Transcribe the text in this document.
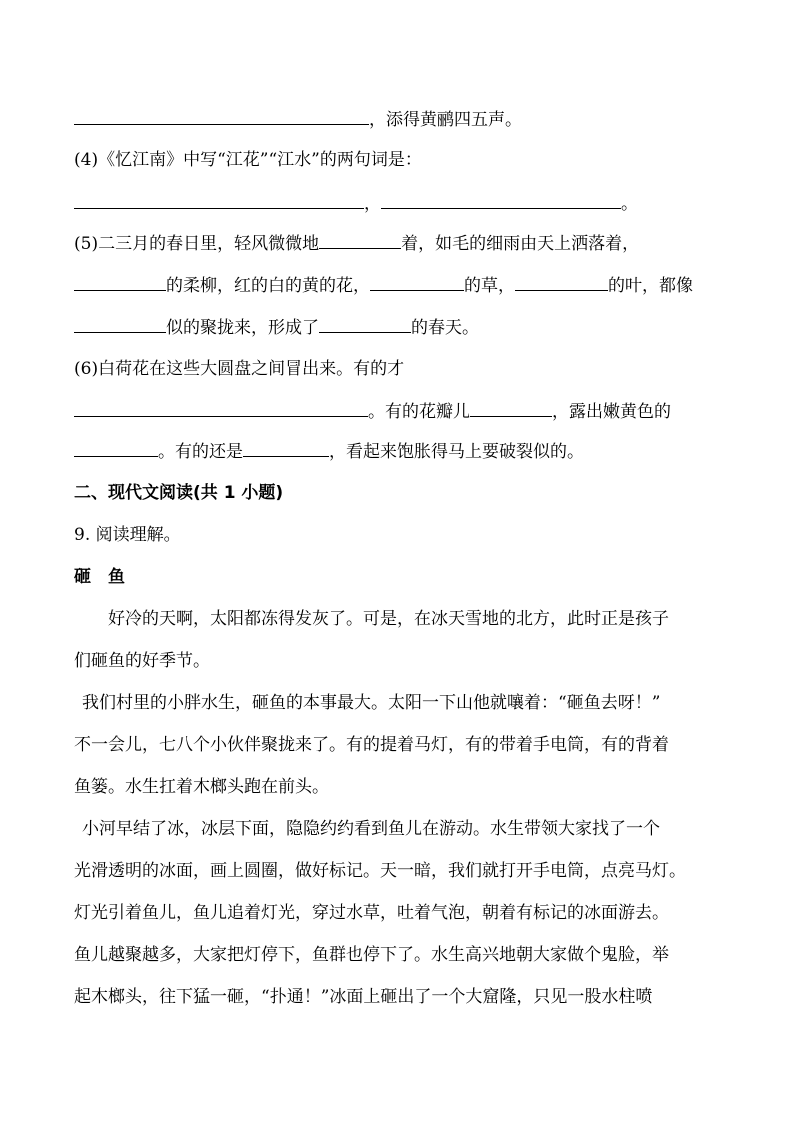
，添得黄鹂四五声。
(4)《忆江南》中写“江花”“江水”的两句词是：
，	。
(5)二三月的春日里，轻风微微地	着，如毛的细雨由天上洒落着，
的柔柳，红的白的黄的花，	的草，	的叶，都像
似的聚拢来，形成了	的春天。
(6)白荷花在这些大圆盘之间冒出来。有的才
。有的花瓣儿	，露出嫩黄色的
。有的还是	，看起来饱胀得马上要破裂似的。
二、现代文阅读(共 1 小题)
9. 阅读理解。
砸　鱼
好冷的天啊，太阳都冻得发灰了。可是，在冰天雪地的北方，此时正是孩子
们砸鱼的好季节。
我们村里的小胖水生，砸鱼的本事最大。太阳一下山他就嚷着：“砸鱼去呀！”
不一会儿，七八个小伙伴聚拢来了。有的提着马灯，有的带着手电筒，有的背着
鱼篓。水生扛着木榔头跑在前头。
小河早结了冰，冰层下面，隐隐约约看到鱼儿在游动。水生带领大家找了一个
光滑透明的冰面，画上圆圈，做好标记。天一暗，我们就打开手电筒，点亮马灯。
灯光引着鱼儿，鱼儿追着灯光，穿过水草，吐着气泡，朝着有标记的冰面游去。
鱼儿越聚越多，大家把灯停下，鱼群也停下了。水生高兴地朝大家做个鬼脸，举
起木榔头，往下猛一砸，“扑通！”冰面上砸出了一个大窟隆，只见一股水柱喷
